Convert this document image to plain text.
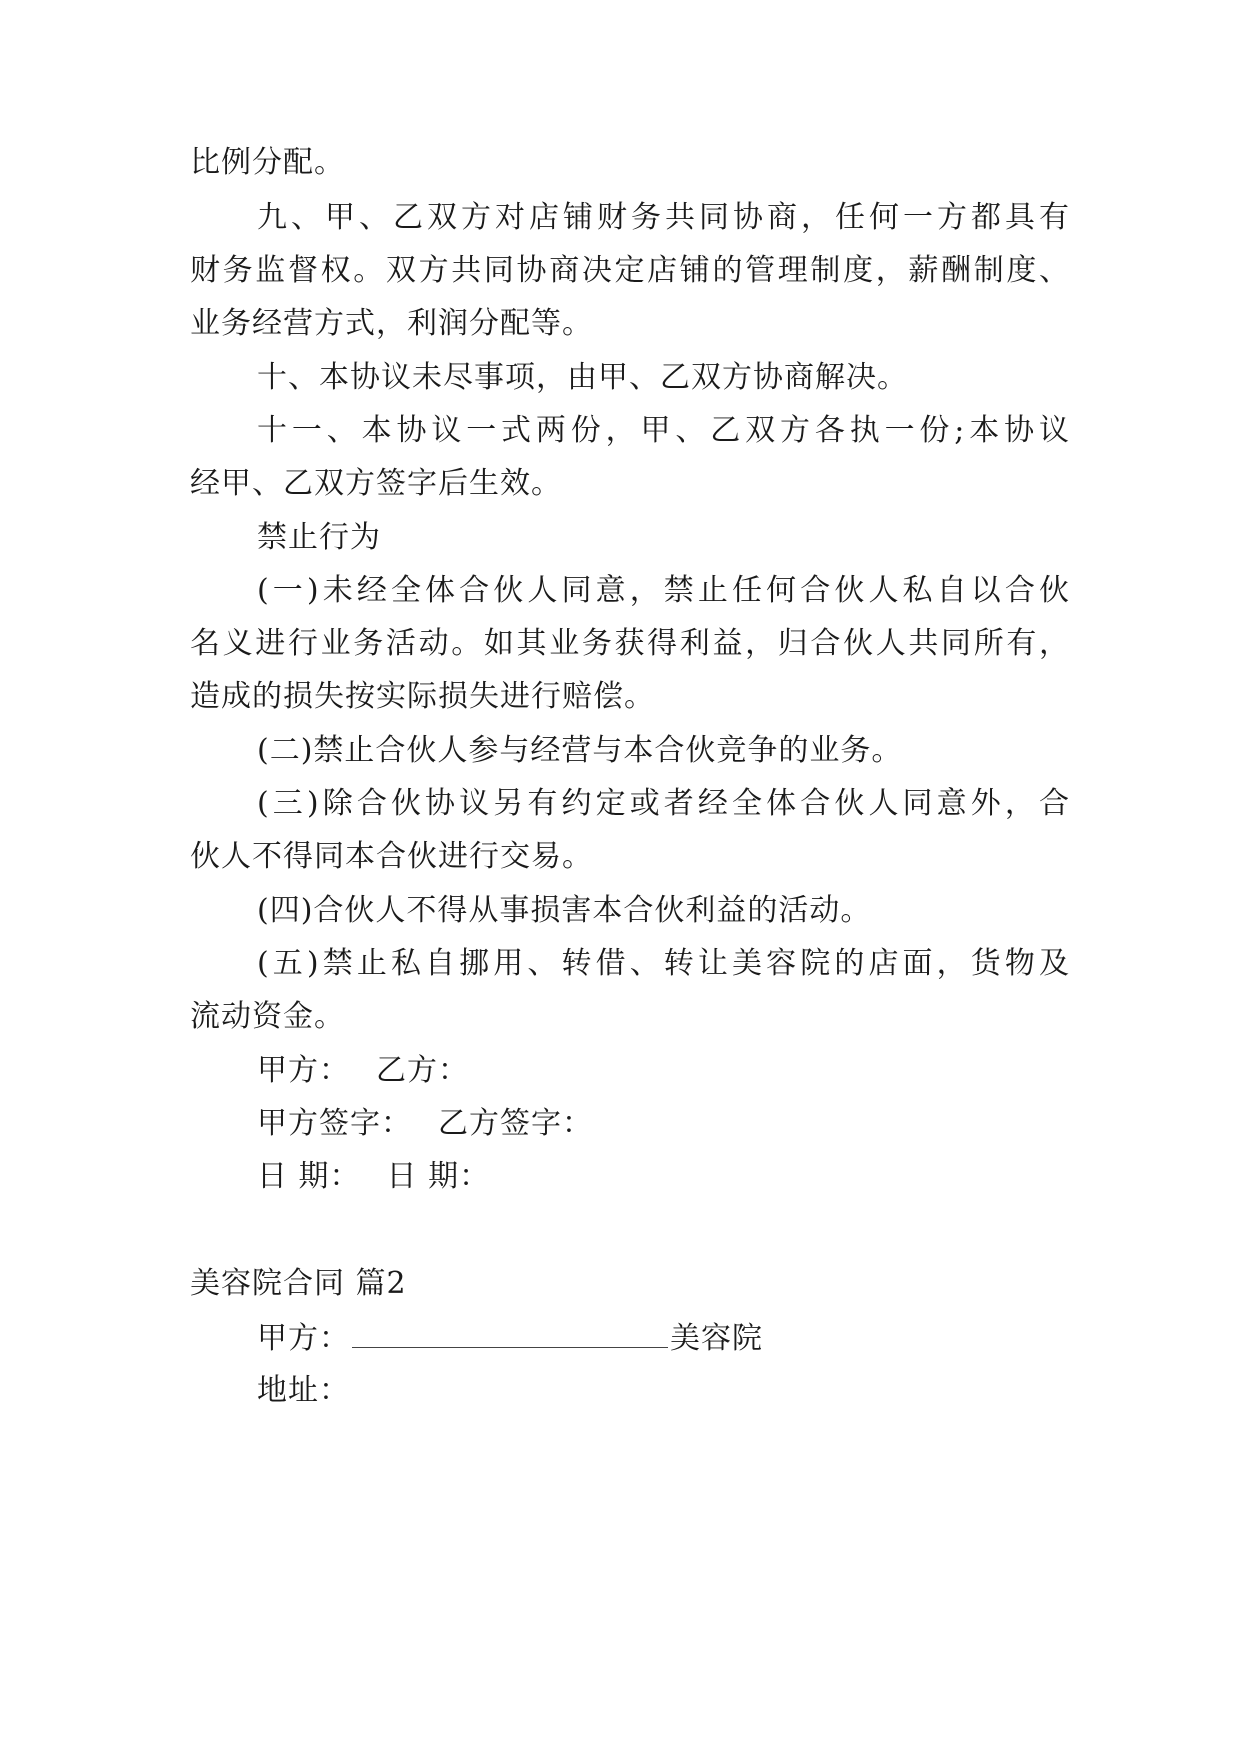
比例分配。
九、甲、乙双方对店铺财务共同协商，任何一方都具有
财务监督权。双方共同协商决定店铺的管理制度，薪酬制度、
业务经营方式，利润分配等。
十、本协议未尽事项，由甲、乙双方协商解决。
十一、本协议一式两份，甲、乙双方各执一份;本协议
经甲、乙双方签字后生效。
禁止行为
(一)未经全体合伙人同意，禁止任何合伙人私自以合伙
名义进行业务活动。如其业务获得利益，归合伙人共同所有，
造成的损失按实际损失进行赔偿。
(二)禁止合伙人参与经营与本合伙竞争的业务。
(三)除合伙协议另有约定或者经全体合伙人同意外，合
伙人不得同本合伙进行交易。
(四)合伙人不得从事损害本合伙利益的活动。
(五)禁止私自挪用、转借、转让美容院的店面，货物及
流动资金。
甲方： 乙方：
甲方签字： 乙方签字：
日 期： 日 期：
美容院合同 篇2
甲方：	美容院
地址：
